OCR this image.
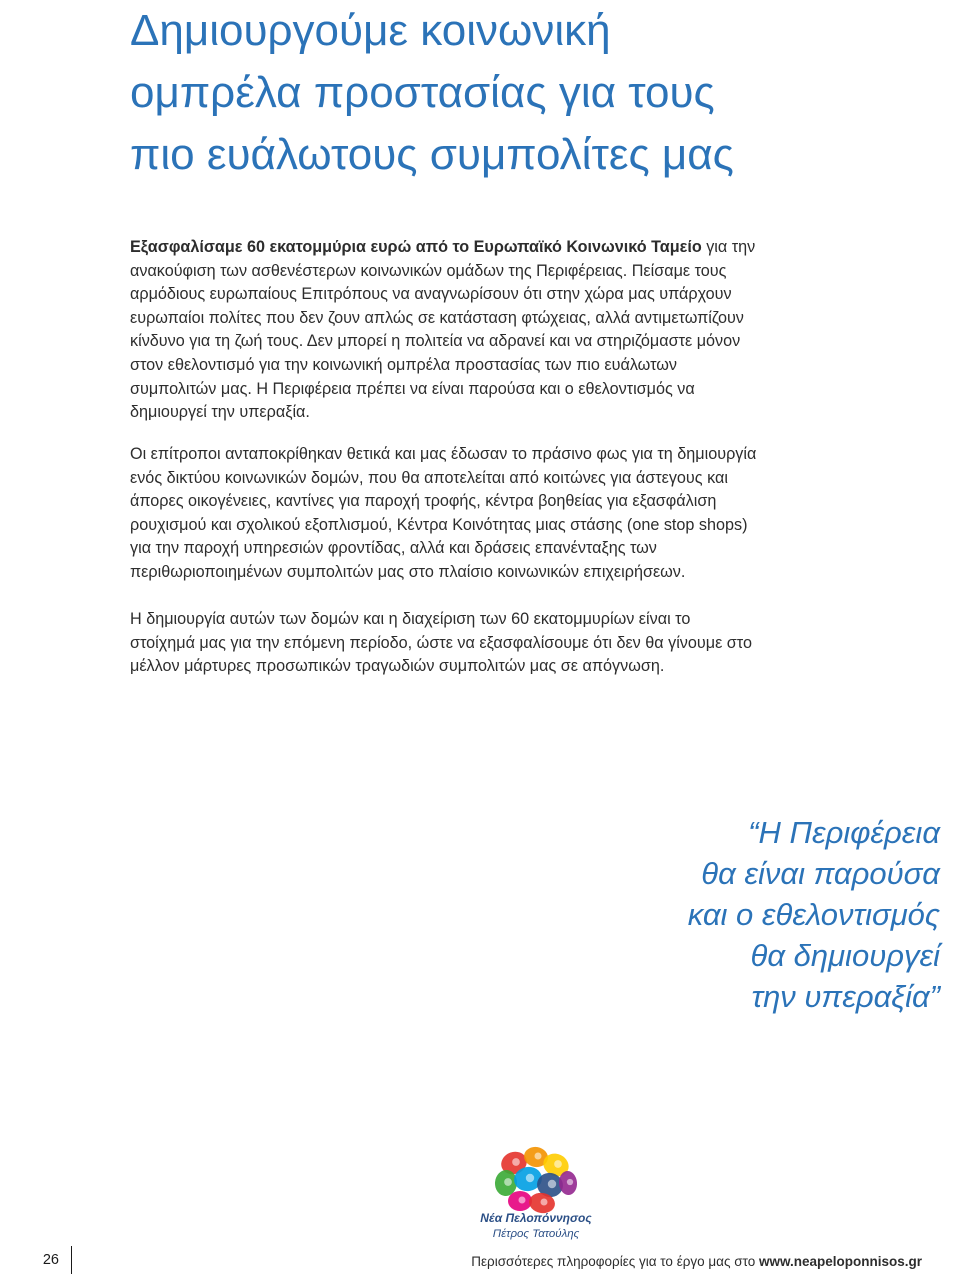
Δημιουργούμε κοινωνική
ομπρέλα προστασίας για τους
πιο ευάλωτους συμπολίτες μας
Εξασφαλίσαμε 60 εκατομμύρια ευρώ από το Ευρωπαϊκό Κοινωνικό Ταμείο για την
ανακούφιση των ασθενέστερων κοινωνικών ομάδων της Περιφέρειας. Πείσαμε τους
αρμόδιους ευρωπαίους Επιτρόπους να αναγνωρίσουν ότι στην χώρα μας υπάρχουν
ευρωπαίοι πολίτες που δεν ζουν απλώς σε κατάσταση φτώχειας, αλλά αντιμετωπίζουν
κίνδυνο για τη ζωή τους. Δεν μπορεί η πολιτεία να αδρανεί και να στηριζόμαστε μόνον
στον εθελοντισμό για την κοινωνική ομπρέλα προστασίας των πιο ευάλωτων
συμπολιτών μας. Η Περιφέρεια πρέπει να είναι παρούσα και ο εθελοντισμός να
δημιουργεί την υπεραξία.
Οι επίτροποι ανταποκρίθηκαν θετικά και μας έδωσαν το πράσινο φως για τη δημιουργία
ενός δικτύου κοινωνικών δομών, που θα αποτελείται από κοιτώνες για άστεγους και
άπορες οικογένειες, καντίνες για παροχή τροφής, κέντρα βοηθείας για εξασφάλιση
ρουχισμού και σχολικού εξοπλισμού, Κέντρα Κοινότητας μιας στάσης (one stop shops)
για την παροχή υπηρεσιών φροντίδας, αλλά και δράσεις επανένταξης των
περιθωριοποιημένων συμπολιτών μας στο πλαίσιο κοινωνικών επιχειρήσεων.
Η δημιουργία αυτών των δομών και η διαχείριση των 60 εκατομμυρίων είναι το
στοίχημά μας για την επόμενη περίοδο, ώστε να εξασφαλίσουμε ότι δεν θα γίνουμε στο
μέλλον μάρτυρες προσωπικών τραγωδιών συμπολιτών μας σε απόγνωση.
“Η Περιφέρεια
θα είναι παρούσα
και ο εθελοντισμός
θα δημιουργεί
την υπεραξία”
Νέα Πελοπόννησος
Πέτρος Τατούλης
26	Περισσότερες πληροφορίες για το έργο μας στο www.neapeloponnisos.gr
